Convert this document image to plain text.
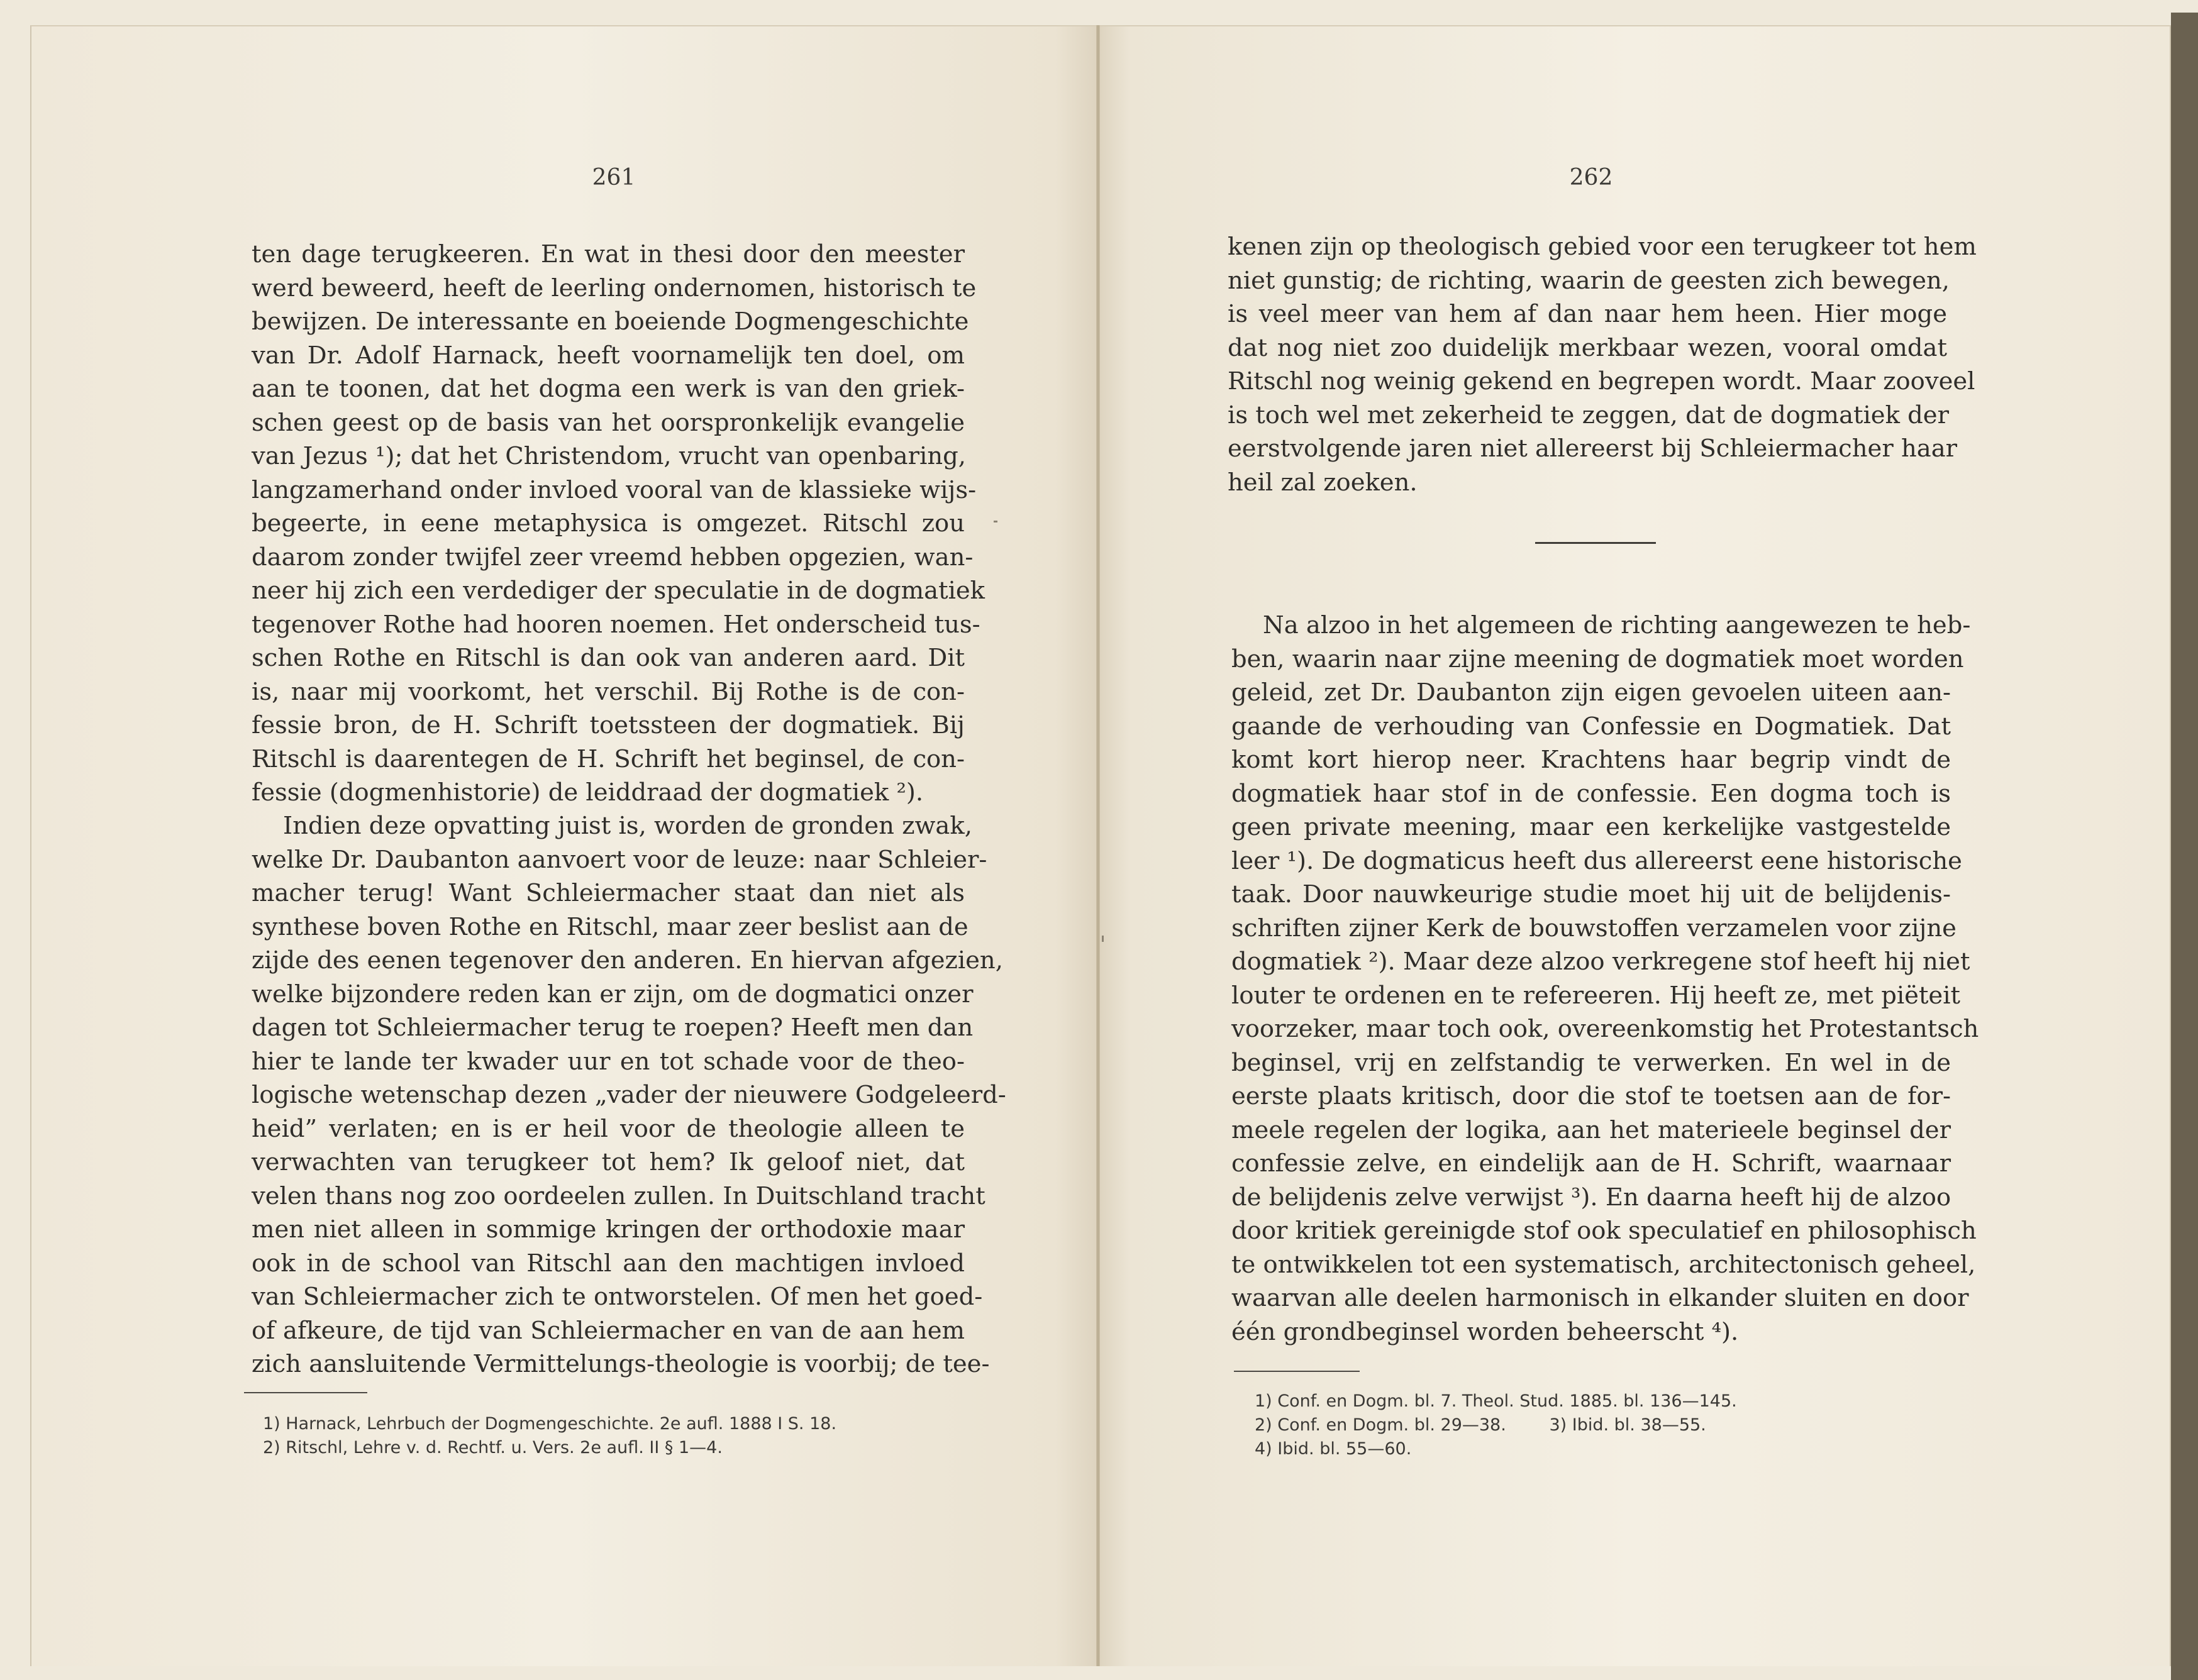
261	262
ten dage terugkeeren. En wat in thesi door den meester
werd beweerd, heeft de leerling ondernomen, historisch te
bewijzen. De interessante en boeiende Dogmengeschichte
van Dr. Adolf Harnack, heeft voornamelijk ten doel, om
aan te toonen, dat het dogma een werk is van den griek-
schen geest op de basis van het oorspronkelijk evangelie
van Jezus ¹); dat het Christendom, vrucht van openbaring,
langzamerhand onder invloed vooral van de klassieke wijs-
begeerte, in eene metaphysica is omgezet. Ritschl zou
daarom zonder twijfel zeer vreemd hebben opgezien, wan-
neer hij zich een verdediger der speculatie in de dogmatiek
tegenover Rothe had hooren noemen. Het onderscheid tus-
schen Rothe en Ritschl is dan ook van anderen aard. Dit
is, naar mij voorkomt, het verschil. Bij Rothe is de con-
fessie bron, de H. Schrift toetssteen der dogmatiek. Bij
Ritschl is daarentegen de H. Schrift het beginsel, de con-
fessie (dogmenhistorie) de leiddraad der dogmatiek ²).
Indien deze opvatting juist is, worden de gronden zwak,
welke Dr. Daubanton aanvoert voor de leuze: naar Schleier-
macher terug! Want Schleiermacher staat dan niet als
synthese boven Rothe en Ritschl, maar zeer beslist aan de
zijde des eenen tegenover den anderen. En hiervan afgezien,
welke bijzondere reden kan er zijn, om de dogmatici onzer
dagen tot Schleiermacher terug te roepen? Heeft men dan
hier te lande ter kwader uur en tot schade voor de theo-
logische wetenschap dezen „vader der nieuwere Godgeleerd-
heid” verlaten; en is er heil voor de theologie alleen te
verwachten van terugkeer tot hem? Ik geloof niet, dat
velen thans nog zoo oordeelen zullen. In Duitschland tracht
men niet alleen in sommige kringen der orthodoxie maar
ook in de school van Ritschl aan den machtigen invloed
van Schleiermacher zich te ontworstelen. Of men het goed-
of afkeure, de tijd van Schleiermacher en van de aan hem
zich aansluitende Vermittelungs-theologie is voorbij; de tee-
1) Harnack, Lehrbuch der Dogmengeschichte. 2e aufl. 1888 I S. 18.
2) Ritschl, Lehre v. d. Rechtf. u. Vers. 2e aufl. II § 1—4.
kenen zijn op theologisch gebied voor een terugkeer tot hem
niet gunstig; de richting, waarin de geesten zich bewegen,
is veel meer van hem af dan naar hem heen. Hier moge
dat nog niet zoo duidelijk merkbaar wezen, vooral omdat
Ritschl nog weinig gekend en begrepen wordt. Maar zooveel
is toch wel met zekerheid te zeggen, dat de dogmatiek der
eerstvolgende jaren niet allereerst bij Schleiermacher haar
heil zal zoeken.
Na alzoo in het algemeen de richting aangewezen te heb-
ben, waarin naar zijne meening de dogmatiek moet worden
geleid, zet Dr. Daubanton zijn eigen gevoelen uiteen aan-
gaande de verhouding van Confessie en Dogmatiek. Dat
komt kort hierop neer. Krachtens haar begrip vindt de
dogmatiek haar stof in de confessie. Een dogma toch is
geen private meening, maar een kerkelijke vastgestelde
leer ¹). De dogmaticus heeft dus allereerst eene historische
taak. Door nauwkeurige studie moet hij uit de belijdenis-
schriften zijner Kerk de bouwstoffen verzamelen voor zijne
dogmatiek ²). Maar deze alzoo verkregene stof heeft hij niet
louter te ordenen en te refereeren. Hij heeft ze, met piëteit
voorzeker, maar toch ook, overeenkomstig het Protestantsch
beginsel, vrij en zelfstandig te verwerken. En wel in de
eerste plaats kritisch, door die stof te toetsen aan de for-
meele regelen der logika, aan het materieele beginsel der
confessie zelve, en eindelijk aan de H. Schrift, waarnaar
de belijdenis zelve verwijst ³). En daarna heeft hij de alzoo
door kritiek gereinigde stof ook speculatief en philosophisch
te ontwikkelen tot een systematisch, architectonisch geheel,
waarvan alle deelen harmonisch in elkander sluiten en door
één grondbeginsel worden beheerscht ⁴).
1) Conf. en Dogm. bl. 7. Theol. Stud. 1885. bl. 136—145.
2) Conf. en Dogm. bl. 29—38.        3) Ibid. bl. 38—55.
4) Ibid. bl. 55—60.
